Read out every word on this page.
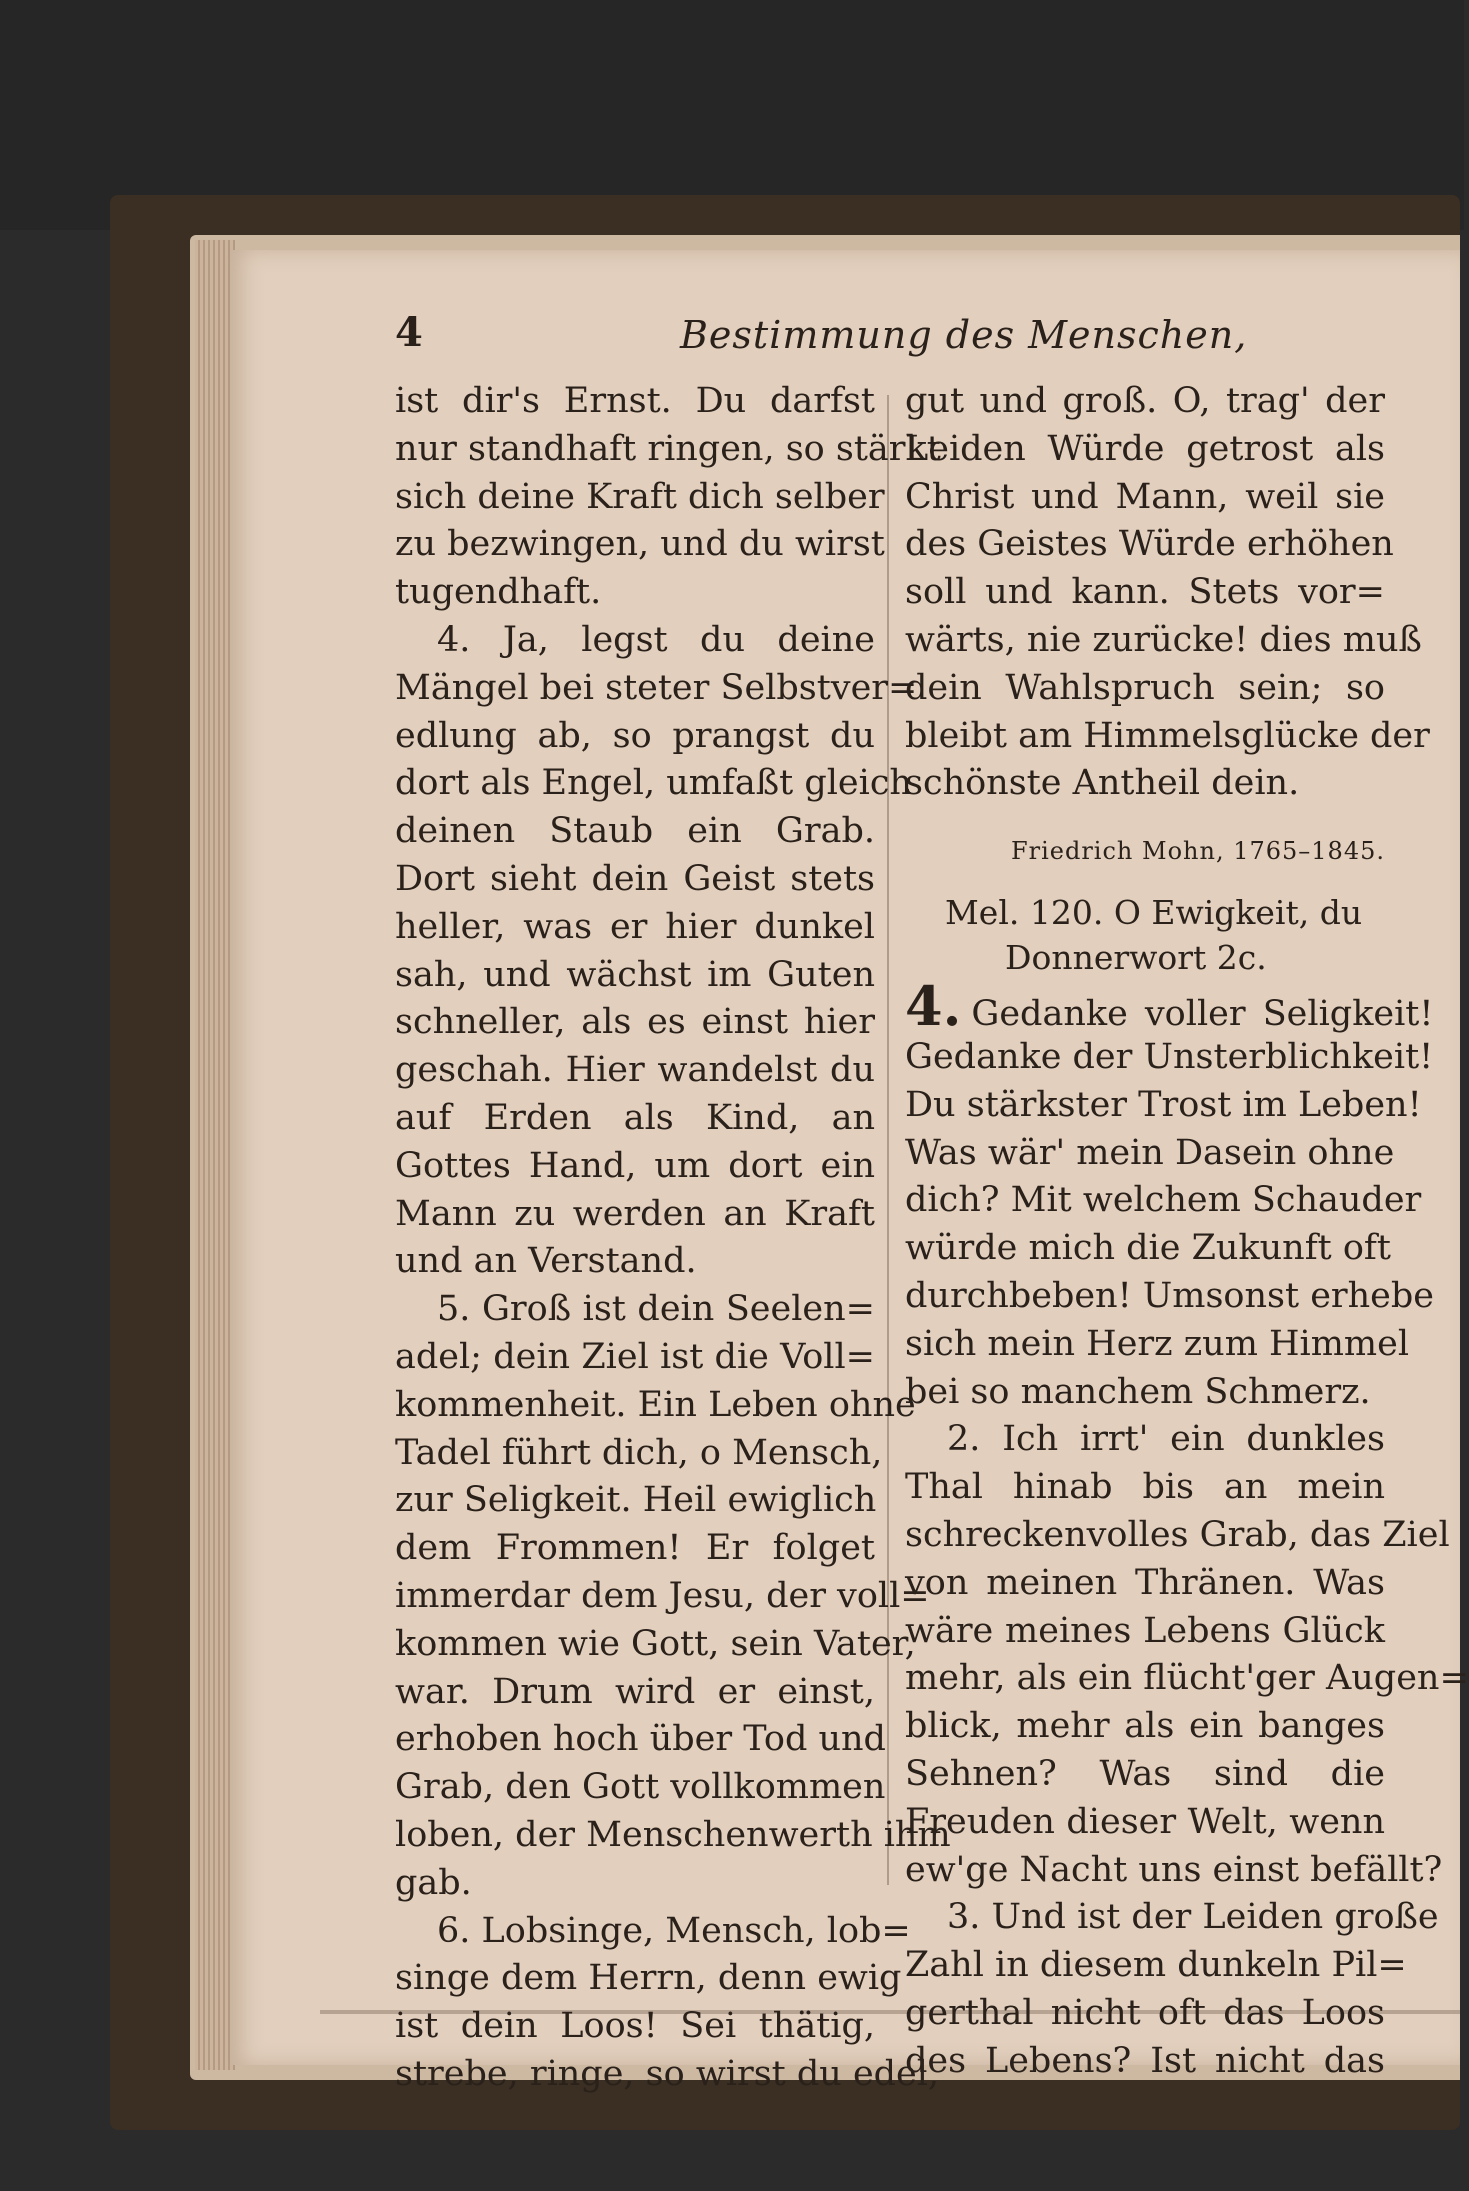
4	Bestimmung des Menschen,
ist dir's Ernst. Du darfst
nur standhaft ringen, so stärkt
sich deine Kraft dich selber
zu bezwingen, und du wirst
tugendhaft.
4. Ja, legst du deine
Mängel bei steter Selbstver=
edlung ab, so prangst du
dort als Engel, umfaßt gleich
deinen Staub ein Grab.
Dort sieht dein Geist stets
heller, was er hier dunkel
sah, und wächst im Guten
schneller, als es einst hier
geschah. Hier wandelst du
auf Erden als Kind, an
Gottes Hand, um dort ein
Mann zu werden an Kraft
und an Verstand.
5. Groß ist dein Seelen=
adel; dein Ziel ist die Voll=
kommenheit. Ein Leben ohne
Tadel führt dich, o Mensch,
zur Seligkeit. Heil ewiglich
dem Frommen! Er folget
immerdar dem Jesu, der voll=
kommen wie Gott, sein Vater,
war. Drum wird er einst,
erhoben hoch über Tod und
Grab, den Gott vollkommen
loben, der Menschenwerth ihm
gab.
6. Lobsinge, Mensch, lob=
singe dem Herrn, denn ewig
ist dein Loos! Sei thätig,
strebe, ringe, so wirst du edel,
gut und groß. O, trag' der
Leiden Würde getrost als
Christ und Mann, weil sie
des Geistes Würde erhöhen
soll und kann. Stets vor=
wärts, nie zurücke! dies muß
dein Wahlspruch sein; so
bleibt am Himmelsglücke der
schönste Antheil dein.
Friedrich Mohn, 1765–1845.
Mel. 120. O Ewigkeit, du
Donnerwort 2c.
4. Gedanke voller Seligkeit!
Gedanke der Unsterblichkeit!
Du stärkster Trost im Leben!
Was wär' mein Dasein ohne
dich? Mit welchem Schauder
würde mich die Zukunft oft
durchbeben! Umsonst erhebe
sich mein Herz zum Himmel
bei so manchem Schmerz.
2. Ich irrt' ein dunkles
Thal hinab bis an mein
schreckenvolles Grab, das Ziel
von meinen Thränen. Was
wäre meines Lebens Glück
mehr, als ein flücht'ger Augen=
blick, mehr als ein banges
Sehnen? Was sind die
Freuden dieser Welt, wenn
ew'ge Nacht uns einst befällt?
3. Und ist der Leiden große
Zahl in diesem dunkeln Pil=
gerthal nicht oft das Loos
des Lebens? Ist nicht das
